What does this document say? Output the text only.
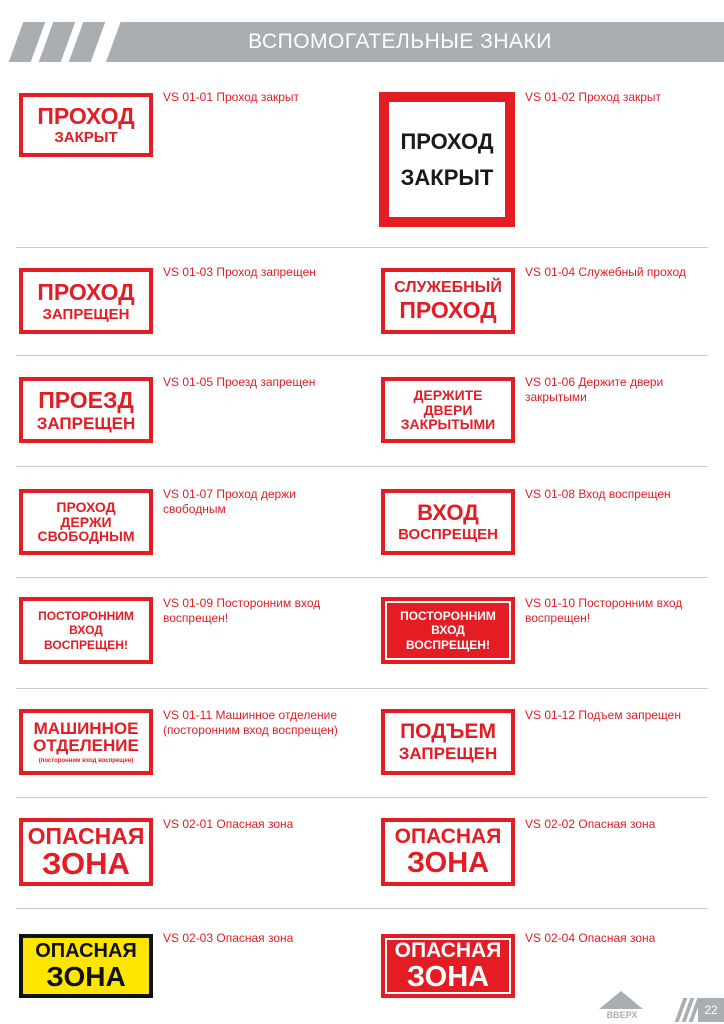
ВСПОМОГАТЕЛЬНЫЕ ЗНАКИ
ПРОХОД
ЗАКРЫТ
VS 01-01 Проход закрыт
ПРОХОД
ЗАКРЫТ
VS 01-02 Проход закрыт
ПРОХОД
ЗАПРЕЩЕН
VS 01-03 Проход запрещен
СЛУЖЕБНЫЙ
ПРОХОД
VS 01-04 Служебный проход
ПРОЕЗД
ЗАПРЕЩЕН
VS 01-05 Проезд запрещен
ДЕРЖИТЕ
ДВЕРИ
ЗАКРЫТЫМИ
VS 01-06 Держите двери
закрытыми
ПРОХОД
ДЕРЖИ
СВОБОДНЫМ
VS 01-07 Проход держи
свободным	ВХОД
ВОСПРЕЩЕН
VS 01-08 Вход воспрещен
ПОСТОРОННИМ
ВХОД
ВОСПРЕЩЕН!
VS 01-09 Посторонним вход
воспрещен!	ПОСТОРОННИМ
ВХОД
ВОСПРЕЩЕН!
VS 01-10 Посторонним вход
воспрещен!
МАШИННОЕ
ОТДЕЛЕНИЕ
(посторонним вход воспрещен)
VS 01-11 Машинное отделение
(посторонним вход воспрещен)	ПОДЪЕМ
ЗАПРЕЩЕН
VS 01-12 Подъем запрещен
ОПАСНАЯ
ЗОНА
VS 02-01 Опасная зона
ОПАСНАЯ
ЗОНА
VS 02-02 Опасная зона
ОПАСНАЯ
ЗОНА
VS 02-03 Опасная зона
ОПАСНАЯ
ЗОНА
VS 02-04 Опасная зона
ВВЕРХ	22
